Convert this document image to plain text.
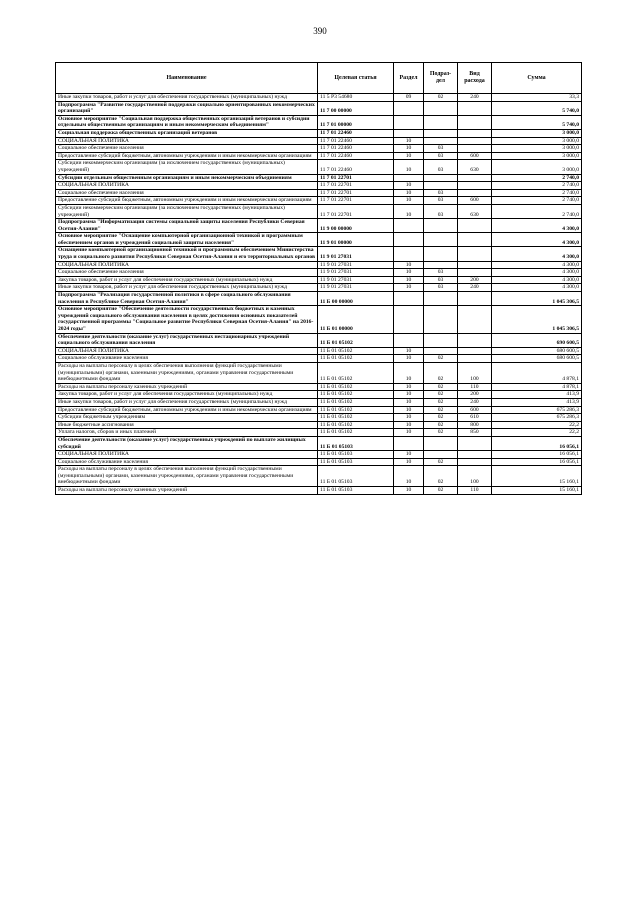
390
Наименование	Целевая статья	Раздел	Подраз-дел	Вид расхода	Сумма
Иные закупки товаров, работ и услуг для обеспечения государственных (муниципальных) нужд	11 5 P3 54680	09	02	240	33,3
Подпрограмма "Развитие государственной поддержки социально ориентированных некоммерческих организаций"	11 7 00 00000				5 740,0
Основное мероприятие "Социальная поддержка общественных организаций ветеранов и субсидии отдельным общественным организациям и иным некоммерческим объединениям"	11 7 01 00000				5 740,0
Социальная поддержка общественных организаций ветеранов	11 7 01 22460				3 000,0
СОЦИАЛЬНАЯ ПОЛИТИКА	11 7 01 22460	10			3 000,0
Социальное обеспечение населения	11 7 01 22460	10	03		3 000,0
Предоставление субсидий бюджетным, автономным учреждениям и иным некоммерческим организациям	11 7 01 22460	10	03	600	3 000,0
Субсидии некоммерческим организациям (за исключением государственных (муниципальных) учреждений)	11 7 01 22460	10	03	630	3 000,0
Субсидии отдельным общественным организациям и иным некоммерческим объединениям	11 7 01 22701				2 740,0
СОЦИАЛЬНАЯ ПОЛИТИКА	11 7 01 22701	10			2 740,0
Социальное обеспечение населения	11 7 01 22701	10	03		2 740,0
Предоставление субсидий бюджетным, автономным учреждениям и иным некоммерческим организациям	11 7 01 22701	10	03	600	2 740,0
Субсидии некоммерческим организациям (за исключением государственных (муниципальных) учреждений)	11 7 01 22701	10	03	630	2 740,0
Подпрограмма "Информатизация системы социальной защиты населения Республики Северная Осетия-Алания"	11 9 00 00000				4 300,0
Основное мероприятие "Оснащение компьютерной организационной техникой и программным обеспечением органов и учреждений социальной защиты населения"	11 9 01 00000				4 300,0
Оснащение компьютерной организационной техникой и программным обеспечением Министерства труда и социального развития Республики Северная Осетия-Алания и его территориальных органов	11 9 01 27031				4 300,0
СОЦИАЛЬНАЯ ПОЛИТИКА	11 9 01 27031	10			4 300,0
Социальное обеспечение населения	11 9 01 27031	10	03		4 300,0
Закупка товаров, работ и услуг для обеспечения государственных (муниципальных) нужд	11 9 01 27031	10	03	200	4 300,0
Иные закупки товаров, работ и услуг для обеспечения государственных (муниципальных) нужд	11 9 01 27031	10	03	240	4 300,0
Подпрограмма "Реализация государственной политики в сфере социального обслуживания населения в Республике Северная Осетия-Алания"	11 Б 00 00000				1 045 306,5
Основное мероприятие "Обеспечение деятельности государственных бюджетных и казенных учреждений социального обслуживания населения в целях достижения основных показателей государственной программы "Социальное развитие Республики Северная Осетия-Алания" на 2016-2024 годы"	11 Б 01 00000				1 045 306,5
Обеспечение деятельности (оказание услуг) государственных нестационарных учреждений социального обслуживания населения	11 Б 01 05102				690 600,5
СОЦИАЛЬНАЯ ПОЛИТИКА	11 Б 01 05102	10			680 600,5
Социальное обслуживание населения	11 Б 01 05102	10	02		680 600,5
Расходы на выплаты персоналу в целях обеспечения выполнения функций государственными (муниципальными) органами, казенными учреждениями, органами управления государственными внебюджетными фондами	11 Б 01 05102	10	02	100	4 878,1
Расходы на выплаты персоналу казенных учреждений	11 Б 01 05102	10	02	110	4 878,1
Закупка товаров, работ и услуг для обеспечения государственных (муниципальных) нужд	11 Б 01 05102	10	02	200	413,9
Иные закупки товаров, работ и услуг для обеспечения государственных (муниципальных) нужд	11 Б 01 05102	10	02	240	413,9
Предоставление субсидий бюджетным, автономным учреждениям и иным некоммерческим организациям	11 Б 01 05102	10	02	600	675 286,3
Субсидии бюджетным учреждениям	11 Б 01 05102	10	02	610	675 286,3
Иные бюджетные ассигнования	11 Б 01 05102	10	02	800	22,2
Уплата налогов, сборов и иных платежей	11 Б 01 05102	10	02	850	22,2
Обеспечение деятельности (оказание услуг) государственных учреждений по выплате жилищных субсидий	11 Б 01 05103				16 056,1
СОЦИАЛЬНАЯ ПОЛИТИКА	11 Б 01 05103	10			16 056,1
Социальное обслуживание населения	11 Б 01 05103	10	02		16 056,1
Расходы на выплаты персоналу в целях обеспечения выполнения функций государственными (муниципальными) органами, казенными учреждениями, органами управления государственными внебюджетными фондами	11 Б 01 05103	10	02	100	15 160,1
Расходы на выплаты персоналу казенных учреждений	11 Б 01 05103	10	02	110	15 160,1
